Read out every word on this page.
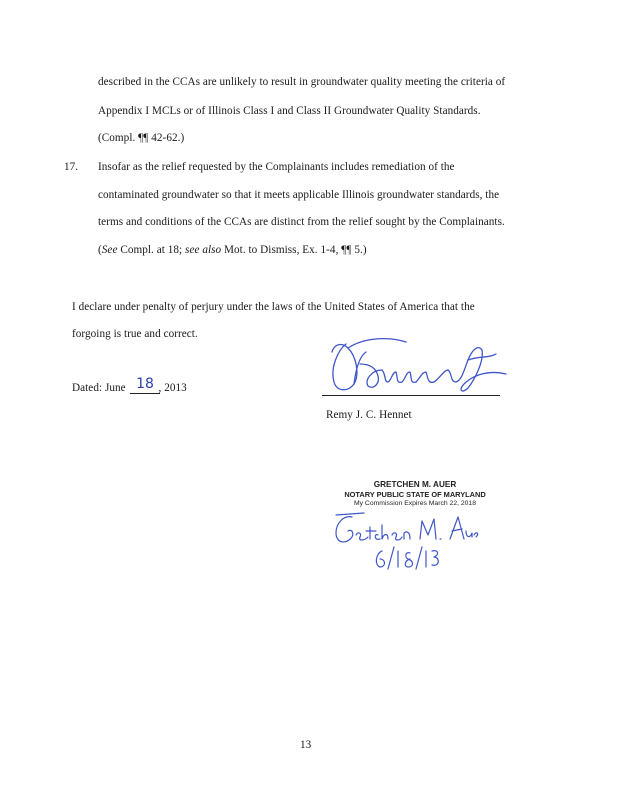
described in the CCAs are unlikely to result in groundwater quality meeting the criteria of
Appendix I MCLs or of Illinois Class I and Class II Groundwater Quality Standards.
(Compl. ¶¶ 42-62.)
17. Insofar as the relief requested by the Complainants includes remediation of the
contaminated groundwater so that it meets applicable Illinois groundwater standards, the
terms and conditions of the CCAs are distinct from the relief sought by the Complainants.
(See Compl. at 18; see also Mot. to Dismiss, Ex. 1-4, ¶¶ 5.)
I declare under penalty of perjury under the laws of the United States of America that the
forgoing is true and correct.
Dated: June	, 2013
18
Remy J. C. Hennet
GRETCHEN M. AUER
NOTARY PUBLIC STATE OF MARYLAND
My Commission Expires March 22, 2018
13
